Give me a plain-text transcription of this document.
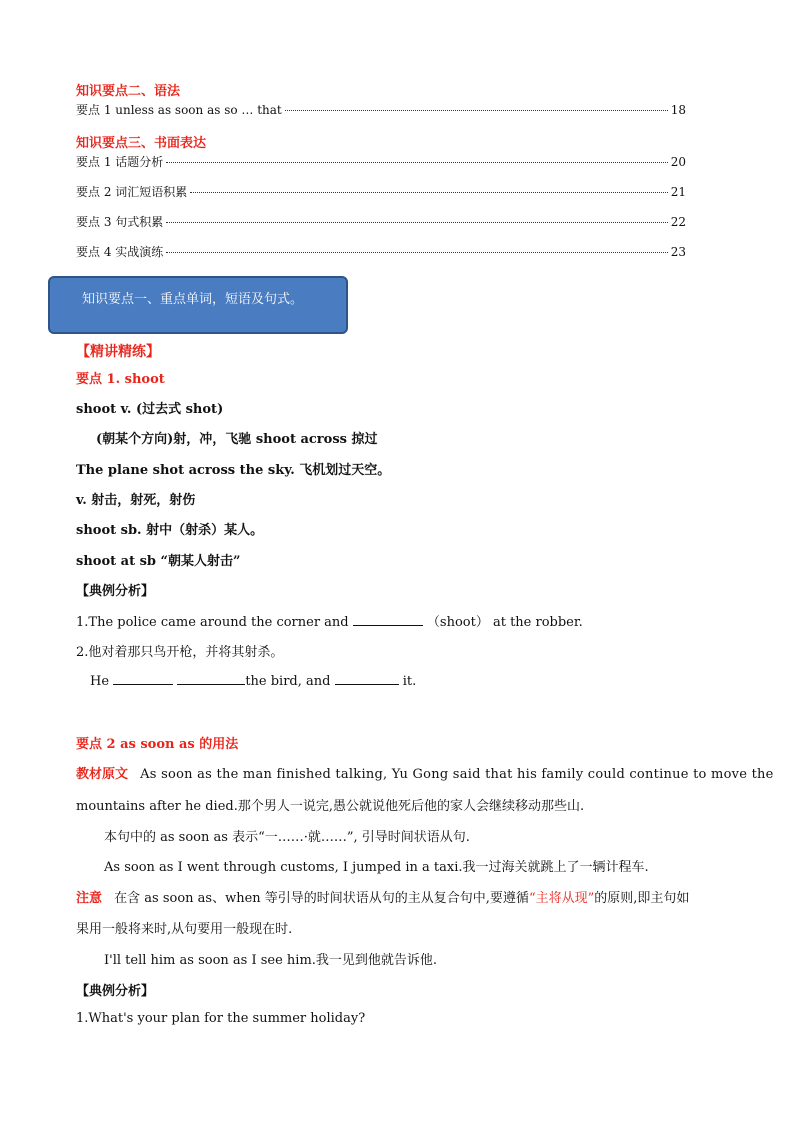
知识要点二、语法
要点 1 unless as soon as so … that	18
知识要点三、书面表达
要点 1 话题分析	20
要点 2 词汇短语积累	21
要点 3 句式积累	22
要点 4 实战演练	23
知识要点一、重点单词，短语及句式。
【精讲精练】
要点 1. shoot
shoot v. (过去式 shot)
(朝某个方向)射，冲，飞驰 shoot across 掠过
The plane shot across the sky. 飞机划过天空。
v. 射击，射死，射伤
shoot sb. 射中（射杀）某人。
shoot at sb “朝某人射击”
【典例分析】
1.The police came around the corner and	（shoot） at the robber.
2.他对着那只鸟开枪，并将其射杀。
He	the bird, and	it.
要点 2 as soon as 的用法
教材原文 As soon as the man finished talking, Yu Gong said that his family could continue to move the
mountains after he died.那个男人一说完,愚公就说他死后他的家人会继续移动那些山.
本句中的 as soon as 表示“一……·就……”, 引导时间状语从句.
As soon as I went through customs, I jumped in a taxi.我一过海关就跳上了一辆计程车.
注意 在含 as soon as、when 等引导的时间状语从句的主从复合句中,要遵循“主将从现”的原则,即主句如
果用一般将来时,从句要用一般现在时.
I'll tell him as soon as I see him.我一见到他就告诉他.
【典例分析】
1.What's your plan for the summer holiday?
